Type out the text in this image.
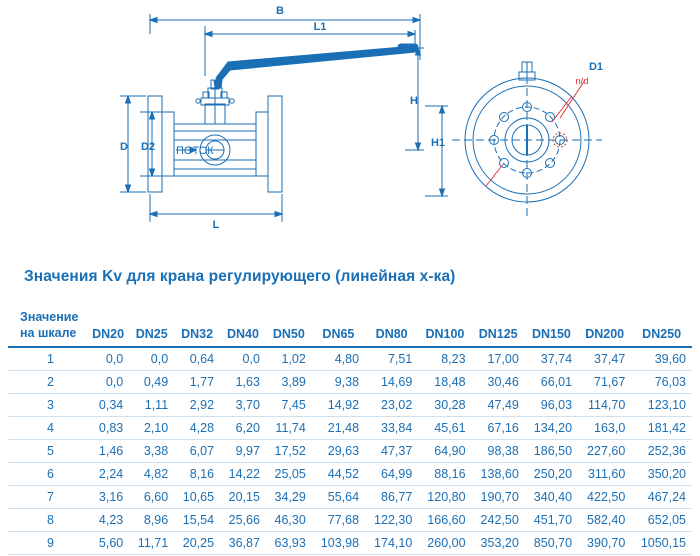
B
L1
H
H1
D D2
L
D1
n/d
ПОТОК
Значения Kv для крана регулирующего (линейная х-ка)
Значение
на шкале	DN20	DN25	DN32	DN40	DN50	DN65	DN80	DN100	DN125	DN150	DN200	DN250

1	0,0	0,0	0,64	0,0	1,02	4,80	7,51	8,23	17,00	37,74	37,47	39,60
2	0,0	0,49	1,77	1,63	3,89	9,38	14,69	18,48	30,46	66,01	71,67	76,03
3	0,34	1,11	2,92	3,70	7,45	14,92	23,02	30,28	47,49	96,03	114,70	123,10
4	0,83	2,10	4,28	6,20	11,74	21,48	33,84	45,61	67,16	134,20	163,0	181,42
5	1,46	3,38	6,07	9,97	17,52	29,63	47,37	64,90	98,38	186,50	227,60	252,36
6	2,24	4,82	8,16	14,22	25,05	44,52	64,99	88,16	138,60	250,20	311,60	350,20
7	3,16	6,60	10,65	20,15	34,29	55,64	86,77	120,80	190,70	340,40	422,50	467,24
8	4,23	8,96	15,54	25,66	46,30	77,68	122,30	166,60	242,50	451,70	582,40	652,05
9	5,60	11,71	20,25	36,87	63,93	103,98	174,10	260,00	353,20	850,70	390,70	1050,15
